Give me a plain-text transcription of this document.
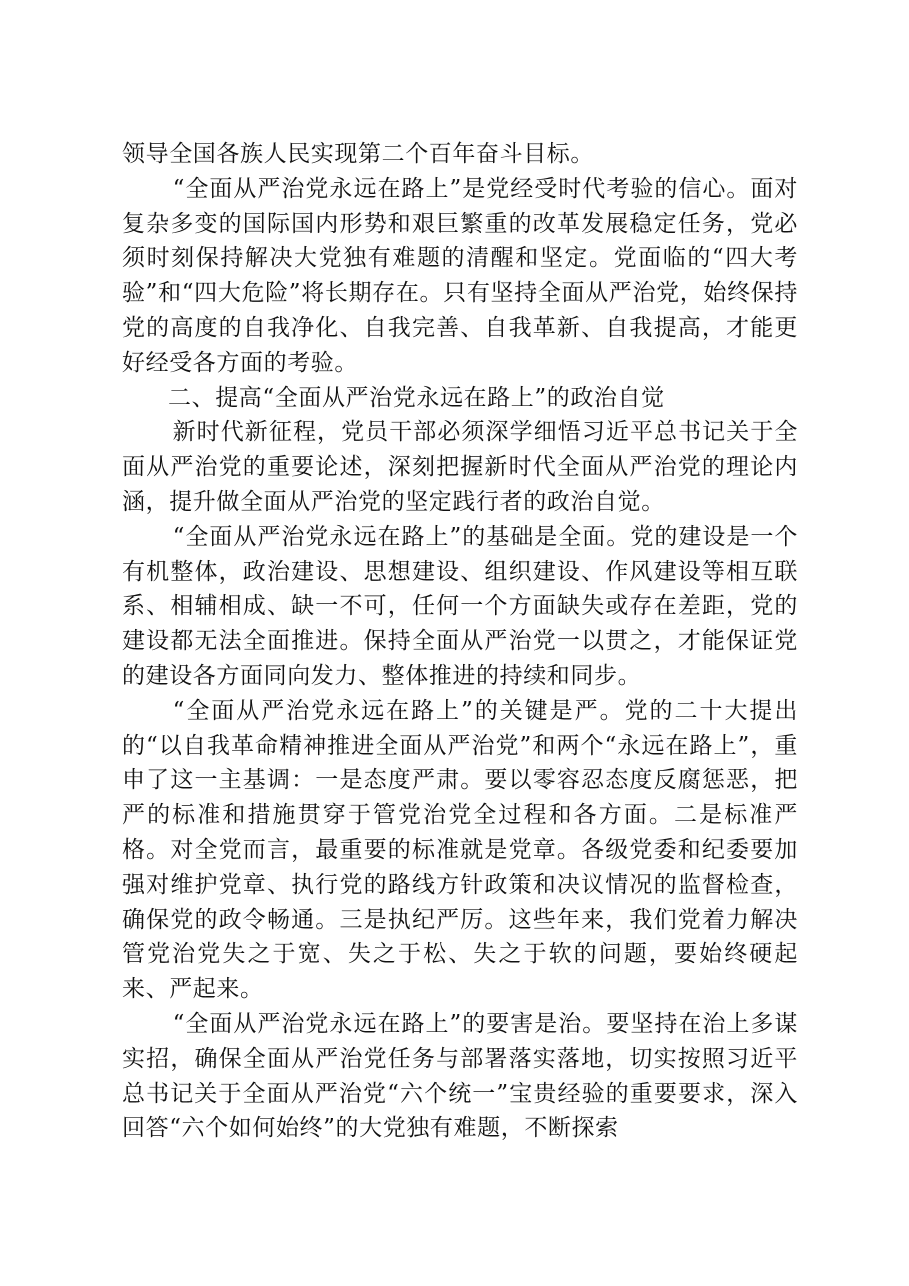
领导全国各族人民实现第二个百年奋斗目标。

“全面从严治党永远在路上”是党经受时代考验的信心。面对复杂多变的国际国内形势和艰巨繁重的改革发展稳定任务，党必须时刻保持解决大党独有难题的清醒和坚定。党面临的“四大考验”和“四大危险”将长期存在。只有坚持全面从严治党，始终保持党的高度的自我净化、自我完善、自我革新、自我提高，才能更好经受各方面的考验。

二、提高“全面从严治党永远在路上”的政治自觉

新时代新征程，党员干部必须深学细悟习近平总书记关于全面从严治党的重要论述，深刻把握新时代全面从严治党的理论内涵，提升做全面从严治党的坚定践行者的政治自觉。

“全面从严治党永远在路上”的基础是全面。党的建设是一个有机整体，政治建设、思想建设、组织建设、作风建设等相互联系、相辅相成、缺一不可，任何一个方面缺失或存在差距，党的建设都无法全面推进。保持全面从严治党一以贯之，才能保证党的建设各方面同向发力、整体推进的持续和同步。

“全面从严治党永远在路上”的关键是严。党的二十大提出的“以自我革命精神推进全面从严治党”和两个“永远在路上”，重申了这一主基调：一是态度严肃。要以零容忍态度反腐惩恶，把严的标准和措施贯穿于管党治党全过程和各方面。二是标准严格。对全党而言，最重要的标准就是党章。各级党委和纪委要加强对维护党章、执行党的路线方针政策和决议情况的监督检查，确保党的政令畅通。三是执纪严厉。这些年来，我们党着力解决管党治党失之于宽、失之于松、失之于软的问题，要始终硬起来、严起来。

“全面从严治党永远在路上”的要害是治。要坚持在治上多谋实招，确保全面从严治党任务与部署落实落地，切实按照习近平总书记关于全面从严治党“六个统一”宝贵经验的重要要求，深入回答“六个如何始终”的大党独有难题，不断探索
